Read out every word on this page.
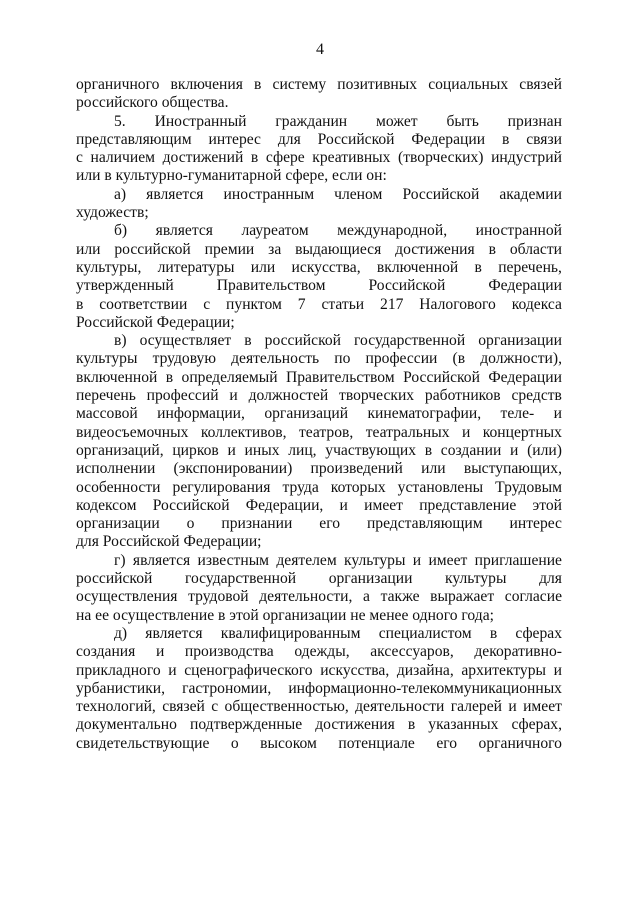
4
органичного включения в систему позитивных социальных связей
российского общества.
5. Иностранный гражданин может быть признан
представляющим интерес для Российской Федерации в связи
с наличием достижений в сфере креативных (творческих) индустрий
или в культурно-гуманитарной сфере, если он:
а) является иностранным членом Российской академии
художеств;
б) является лауреатом международной, иностранной
или российской премии за выдающиеся достижения в области
культуры, литературы или искусства, включенной в перечень,
утвержденный	Правительством	Российской	Федерации
в соответствии с пунктом 7 статьи 217 Налогового кодекса
Российской Федерации;
в) осуществляет в российской государственной организации
культуры трудовую деятельность по профессии (в должности),
включенной в определяемый Правительством Российской Федерации
перечень профессий и должностей творческих работников средств
массовой информации, организаций кинематографии, теле- и
видеосъемочных коллективов, театров, театральных и концертных
организаций, цирков и иных лиц, участвующих в создании и (или)
исполнении (экспонировании) произведений или выступающих,
особенности регулирования труда которых установлены Трудовым
кодексом Российской Федерации, и имеет представление этой
организации о признании его представляющим интерес
для Российской Федерации;
г) является известным деятелем культуры и имеет приглашение
российской государственной организации культуры для
осуществления трудовой деятельности, а также выражает согласие
на ее осуществление в этой организации не менее одного года;
д) является квалифицированным специалистом в сферах
создания и производства одежды, аксессуаров, декоративно-
прикладного и сценографического искусства, дизайна, архитектуры и
урбанистики, гастрономии, информационно-телекоммуникационных
технологий, связей с общественностью, деятельности галерей и имеет
документально подтвержденные достижения в указанных сферах,
свидетельствующие о высоком потенциале его органичного
